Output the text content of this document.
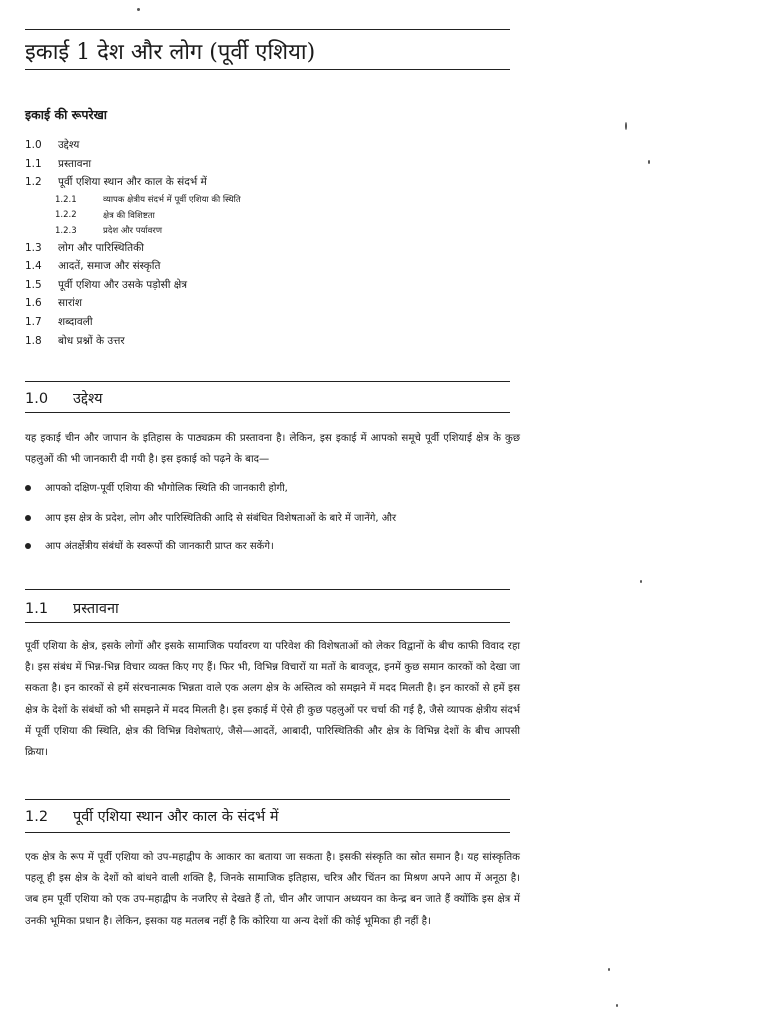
इकाई 1 देश और लोग (पूर्वी एशिया)
इकाई की रूपरेखा
1.0	उद्देश्य
1.1	प्रस्तावना
1.2	पूर्वी एशिया स्थान और काल के संदर्भ में
1.2.1	व्यापक क्षेत्रीय संदर्भ में पूर्वी एशिया की स्थिति
1.2.2	क्षेत्र की विशिष्टता
1.2.3	प्रदेश और पर्यावरण
1.3	लोग और पारिस्थितिकी
1.4	आदतें, समाज और संस्कृति
1.5	पूर्वी एशिया और उसके पड़ोसी क्षेत्र
1.6	सारांश
1.7	शब्दावली
1.8	बोध प्रश्नों के उत्तर
1.0 उद्देश्य
यह इकाई चीन और जापान के इतिहास के पाठ्यक्रम की प्रस्तावना है। लेकिन, इस इकाई में आपको समूचे पूर्वी एशियाई क्षेत्र के कुछ पहलुओं की भी जानकारी दी गयी है। इस इकाई को पढ़ने के बाद—
आपको दक्षिण-पूर्वी एशिया की भौगोलिक स्थिति की जानकारी होगी,
आप इस क्षेत्र के प्रदेश, लोग और पारिस्थितिकी आदि से संबंधित विशेषताओं के बारे में जानेंगे, और
आप अंतर्क्षेत्रीय संबंधों के स्वरूपों की जानकारी प्राप्त कर सकेंगे।
1.1 प्रस्तावना
पूर्वी एशिया के क्षेत्र, इसके लोगों और इसके सामाजिक पर्यावरण या परिवेश की विशेषताओं को लेकर विद्वानों के बीच काफी विवाद रहा है। इस संबंध में भिन्न-भिन्न विचार व्यक्त किए गए हैं। फिर भी, विभिन्न विचारों या मतों के बावजूद, इनमें कुछ समान कारकों को देखा जा सकता है। इन कारकों से हमें संरचनात्मक भिन्नता वाले एक अलग क्षेत्र के अस्तित्व को समझने में मदद मिलती है। इन कारकों से हमें इस क्षेत्र के देशों के संबंधों को भी समझने में मदद मिलती है। इस इकाई में ऐसे ही कुछ पहलुओं पर चर्चा की गई है, जैसे व्यापक क्षेत्रीय संदर्भ में पूर्वी एशिया की स्थिति, क्षेत्र की विभिन्न विशेषताएं, जैसे—आदतें, आबादी, पारिस्थितिकी और क्षेत्र के विभिन्न देशों के बीच आपसी क्रिया।
1.2 पूर्वी एशिया स्थान और काल के संदर्भ में
एक क्षेत्र के रूप में पूर्वी एशिया को उप-महाद्वीप के आकार का बताया जा सकता है। इसकी संस्कृति का स्रोत समान है। यह सांस्कृतिक पहलू ही इस क्षेत्र के देशों को बांधने वाली शक्ति है, जिनके सामाजिक इतिहास, चरित्र और चिंतन का मिश्रण अपने आप में अनूठा है। जब हम पूर्वी एशिया को एक उप-महाद्वीप के नजरिए से देखते हैं तो, चीन और जापान अध्ययन का केन्द्र बन जाते हैं क्योंकि इस क्षेत्र में उनकी भूमिका प्रधान है। लेकिन, इसका यह मतलब नहीं है कि कोरिया या अन्य देशों की कोई भूमिका ही नहीं है।
